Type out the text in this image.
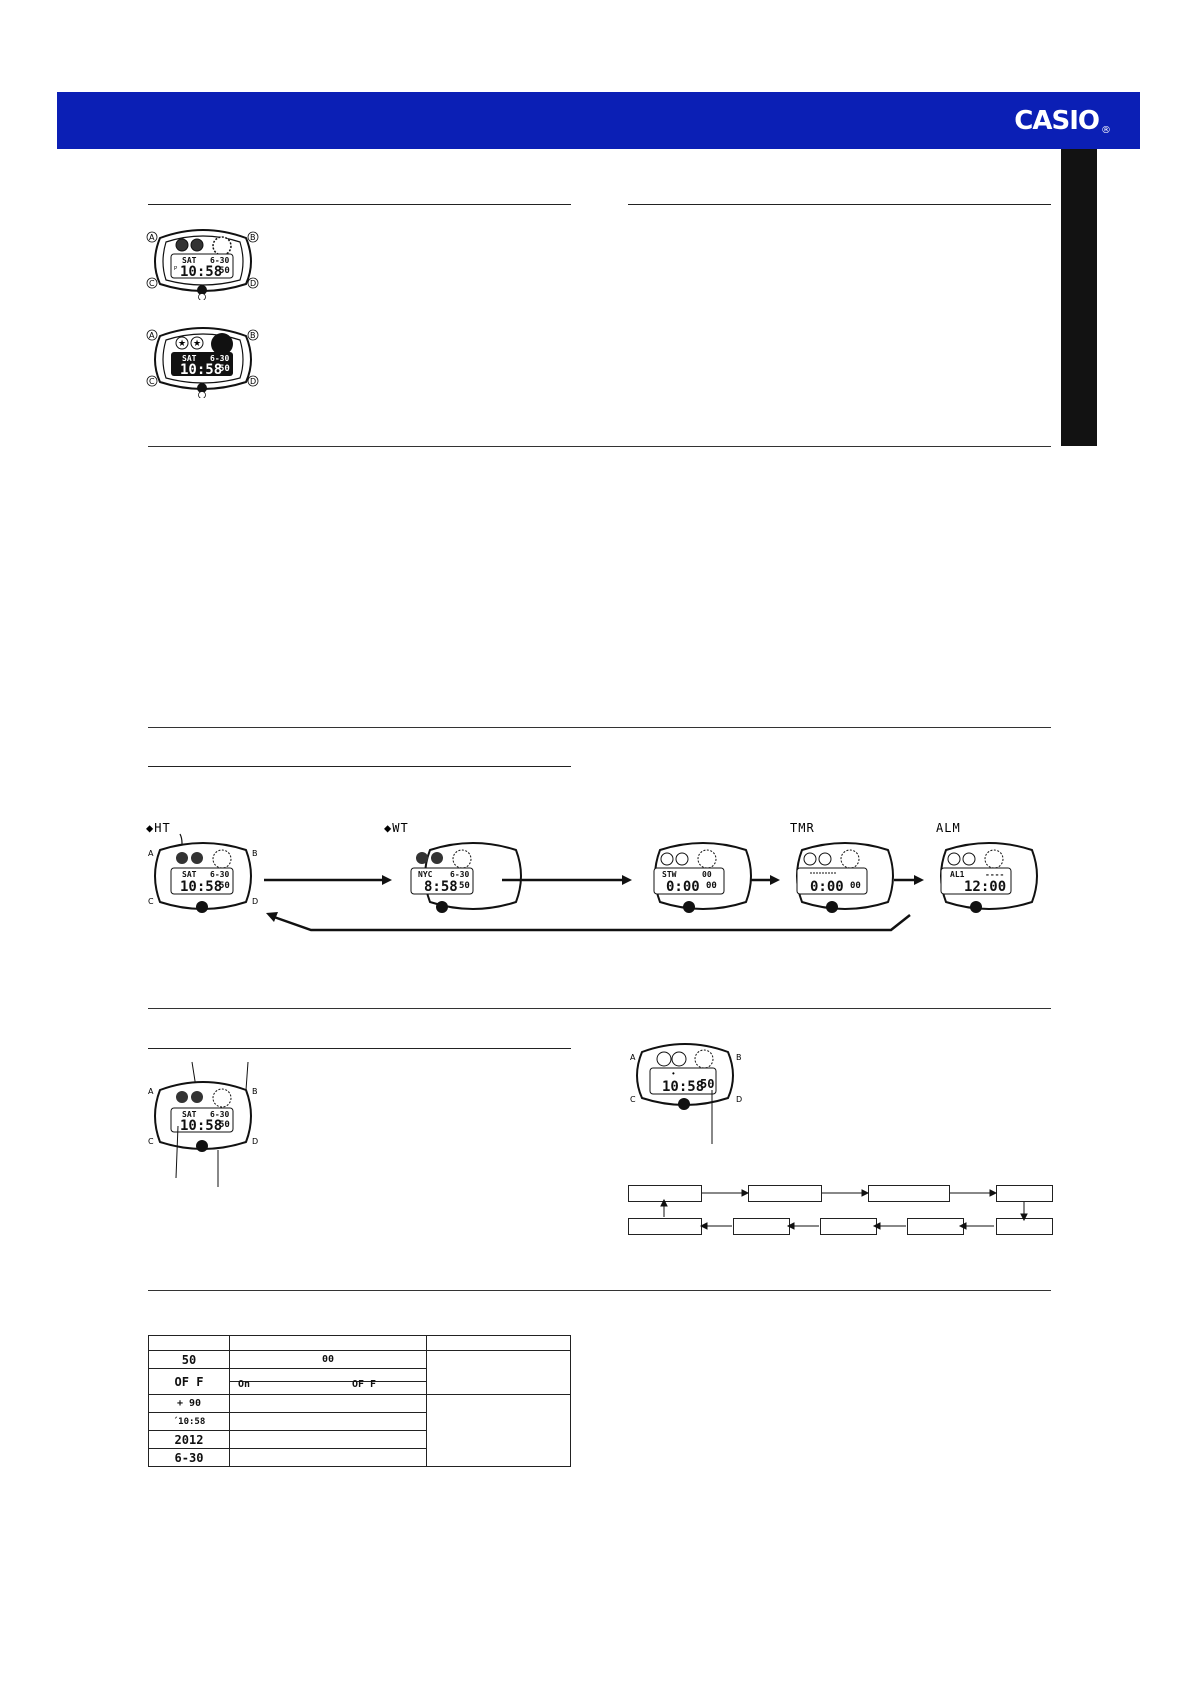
CASIO ®
SAT 6-30
10:58
50
P
A	B
C	D
★ ★
SAT 6-30
10:58
50
A	B
C	D
◆HT
SAT 6-30
10:58
50
A	B
C	D
◆WT
NYC 6-30
8:58 50
STW	00
0:00 00
TMR
0:00 00
ALM
AL1	----
12:00
SAT 6-30
10:58
50
A	B
C	D
•
10:58
50
A	B
C	D

50	00	
OF F	On OF F	

+ 90		
´10:58		
2012		
6-30		
